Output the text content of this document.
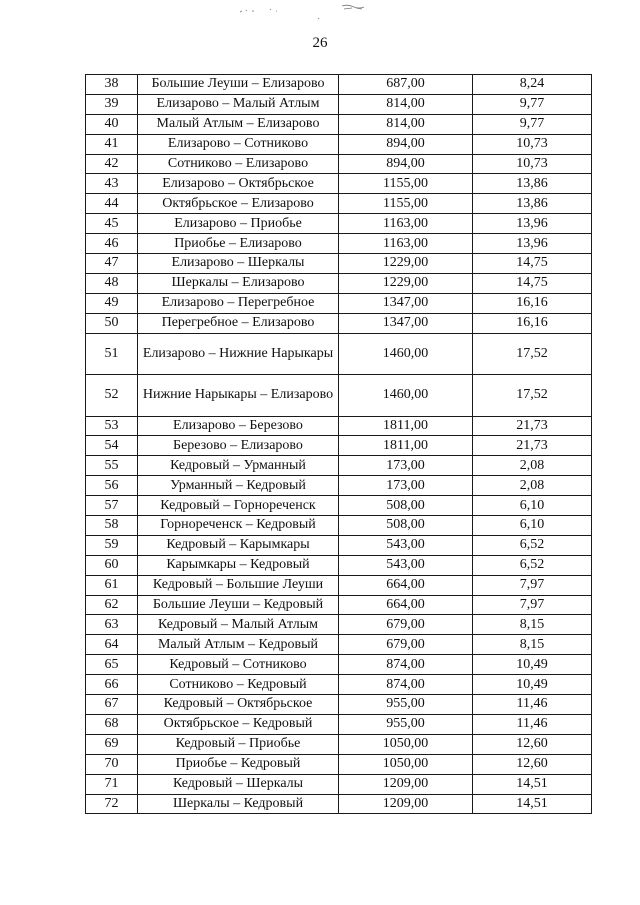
26
38	Большие Леуши – Елизарово	687,00	8,24
39	Елизарово – Малый Атлым	814,00	9,77
40	Малый Атлым – Елизарово	814,00	9,77
41	Елизарово – Сотниково	894,00	10,73
42	Сотниково – Елизарово	894,00	10,73
43	Елизарово – Октябрьское	1155,00	13,86
44	Октябрьское – Елизарово	1155,00	13,86
45	Елизарово – Приобье	1163,00	13,96
46	Приобье – Елизарово	1163,00	13,96
47	Елизарово – Шеркалы	1229,00	14,75
48	Шеркалы – Елизарово	1229,00	14,75
49	Елизарово – Перегребное	1347,00	16,16
50	Перегребное – Елизарово	1347,00	16,16
51	Елизарово – Нижние Нарыкары	1460,00	17,52
52	Нижние Нарыкары – Елизарово	1460,00	17,52
53	Елизарово – Березово	1811,00	21,73
54	Березово – Елизарово	1811,00	21,73
55	Кедровый – Урманный	173,00	2,08
56	Урманный – Кедровый	173,00	2,08
57	Кедровый – Горнореченск	508,00	6,10
58	Горнореченск – Кедровый	508,00	6,10
59	Кедровый – Карымкары	543,00	6,52
60	Карымкары – Кедровый	543,00	6,52
61	Кедровый – Большие Леуши	664,00	7,97
62	Большие Леуши – Кедровый	664,00	7,97
63	Кедровый – Малый Атлым	679,00	8,15
64	Малый Атлым – Кедровый	679,00	8,15
65	Кедровый – Сотниково	874,00	10,49
66	Сотниково – Кедровый	874,00	10,49
67	Кедровый – Октябрьское	955,00	11,46
68	Октябрьское – Кедровый	955,00	11,46
69	Кедровый – Приобье	1050,00	12,60
70	Приобье – Кедровый	1050,00	12,60
71	Кедровый – Шеркалы	1209,00	14,51
72	Шеркалы – Кедровый	1209,00	14,51
